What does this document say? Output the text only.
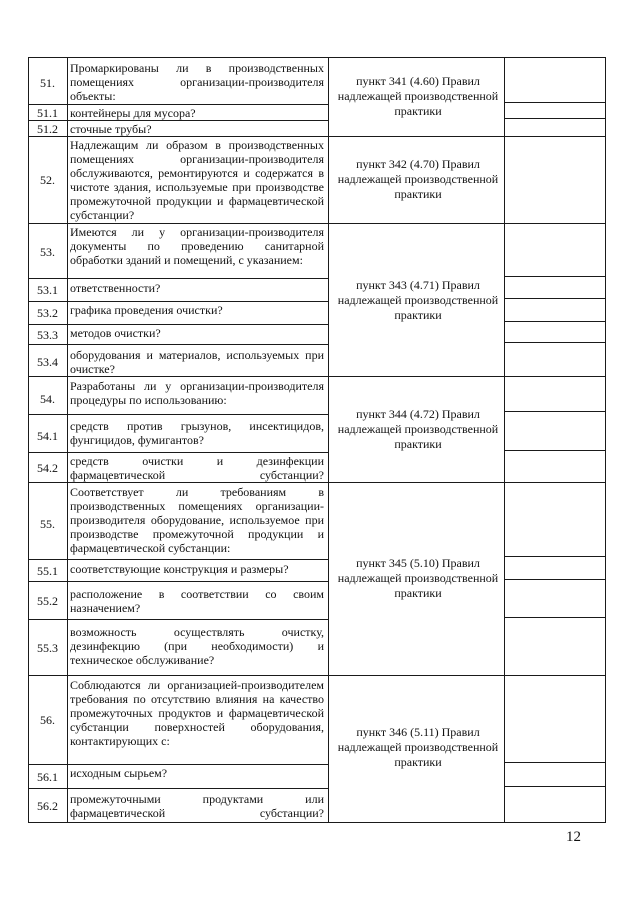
51.
51.1
51.2
52.
53.
53.1
53.2
53.3
53.4
54.
54.1
54.2
55.
55.1
55.2
55.3
56.
56.1
56.2
Промаркированы ли в производственных помещениях организации-производителя объекты:
контейнеры для мусора?
сточные трубы?
Надлежащим ли образом в производственных помещениях организации-производителя обслуживаются, ремонтируются и содержатся в чистоте здания, используемые при производстве промежуточной продукции и фармацевтической субстанции?
Имеются ли у организации-производителя документы по проведению санитарной обработки зданий и помещений, с указанием:
ответственности?
графика проведения очистки?
методов очистки?
оборудования и материалов, используемых при очистке?
Разработаны ли у организации-производителя процедуры по использованию:
средств против грызунов, инсектицидов, фунгицидов, фумигантов?
средств очистки и дезинфекции фармацевтической субстанции?
Соответствует ли требованиям в производственных помещениях организации-производителя оборудование, используемое при производстве промежуточной продукции и фармацевтической субстанции:
соответствующие конструкция и размеры?
расположение в соответствии со своим назначением?
возможность осуществлять очистку, дезинфекцию (при необходимости) и техническое обслуживание?
Соблюдаются ли организацией-производителем требования по отсутствию влияния на качество промежуточных продуктов и фармацевтической субстанции поверхностей оборудования, контактирующих с:
исходным сырьем?
промежуточными продуктами или фармацевтической субстанции?
пункт 341 (4.60) Правил надлежащей производственной практики
пункт 342 (4.70) Правил надлежащей производственной практики
пункт 343 (4.71) Правил надлежащей производственной практики
пункт 344 (4.72) Правил надлежащей производственной практики
пункт 345 (5.10) Правил надлежащей производственной практики
пункт 346 (5.11) Правил надлежащей производственной практики
12
